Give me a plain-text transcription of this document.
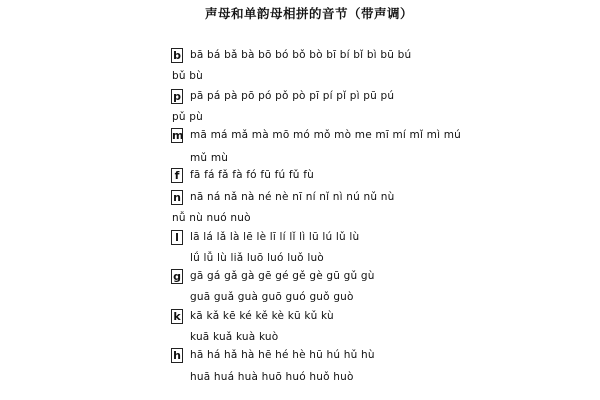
声母和单韵母相拼的音节（带声调）
b bā bá bǎ bà bō bó bǒ bò bī bí bǐ bì bū bú
bǔ bù
p pā pá pà pō pó pǒ pò pī pí pǐ pì pū pú
pǔ pù
m mā má mǎ mà mō mó mǒ mò me mī mí mǐ mì mú
mǔ mù
f	fā fá fǎ fà fó fū fú fǔ fù
n nā ná nǎ nà né nè nī ní nǐ nì nú nǔ nù
nǚ nù nuó nuò
l	lā lá lǎ là lē lè lī lí lǐ lì lū lú lǔ lù
lǘ lǚ lù liǎ luō luó luǒ luò
g gā gá gǎ gà gē gé gě gè gū gǔ gù
guā guǎ guà guō guó guǒ guò
k kā kǎ kē ké kě kè kū kǔ kù
kuā kuǎ kuà kuò
h hā há hǎ hà hē hé hè hū hú hǔ hù
huā huá huà huō huó huǒ huò
